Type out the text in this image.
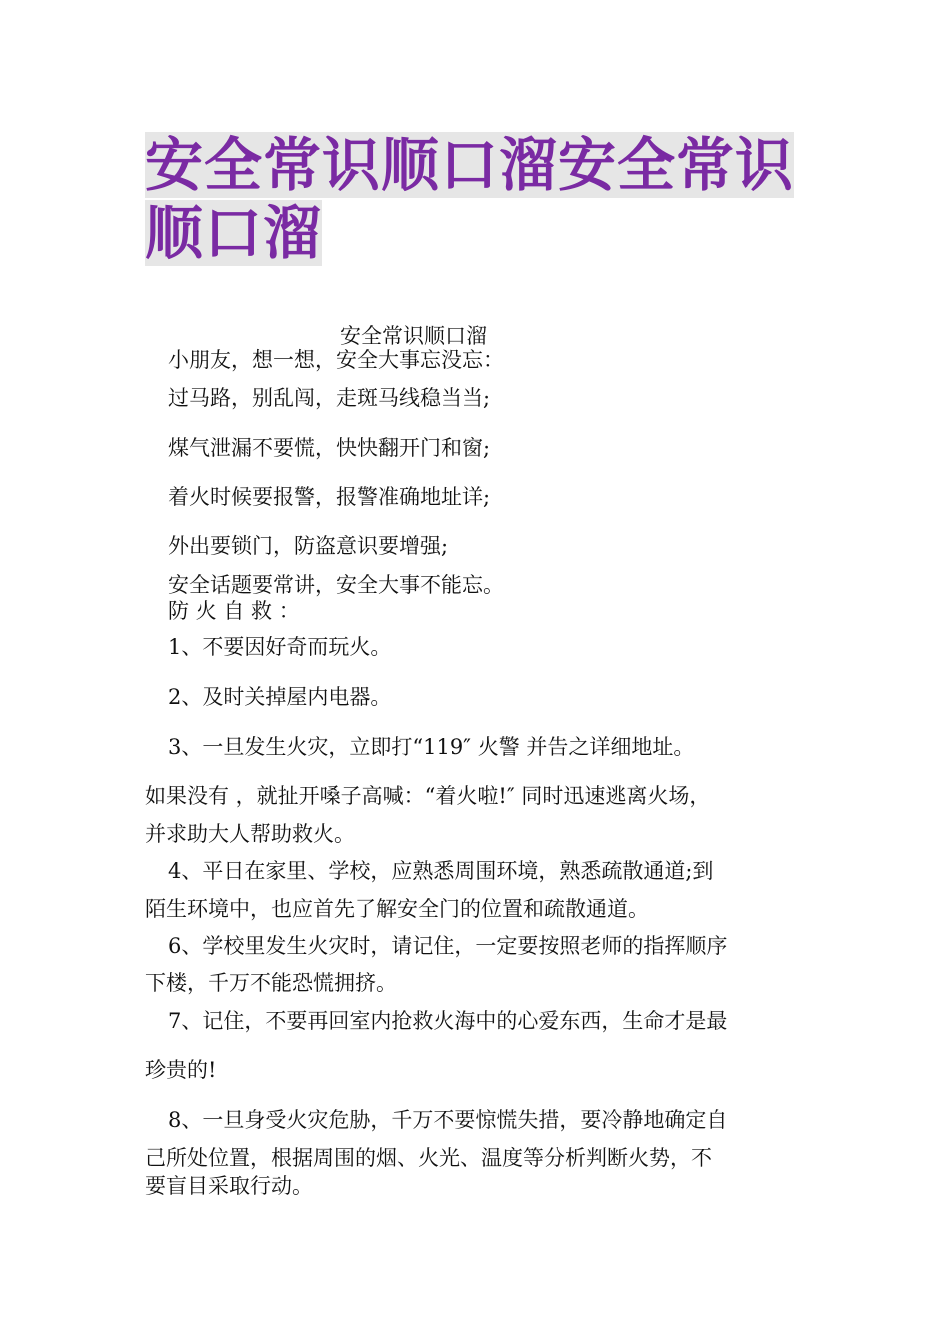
安全常识顺口溜安全常识
顺口溜
安全常识顺口溜
小朋友，想一想，安全大事忘没忘：
过马路，别乱闯，走斑马线稳当当;
煤气泄漏不要慌，快快翻开门和窗;
着火时候要报警，报警准确地址详;
外出要锁门，防盗意识要增强;
安全话题要常讲，安全大事不能忘。
防 火 自 救 ：
1、不要因好奇而玩火。
2、及时关掉屋内电器。
3、一旦发生火灾，立即打“119″ 火警 并告之详细地址。
如果没有 ，就扯开嗓子高喊：“着火啦!″ 同时迅速逃离火场，
并求助大人帮助救火。
4、平日在家里、学校，应熟悉周围环境，熟悉疏散通道;到
陌生环境中，也应首先了解安全门的位置和疏散通道。
6、学校里发生火灾时，请记住，一定要按照老师的指挥顺序
下楼，千万不能恐慌拥挤。
7、记住，不要再回室内抢救火海中的心爱东西，生命才是最
珍贵的!
8、一旦身受火灾危胁，千万不要惊慌失措，要冷静地确定自
己所处位置，根据周围的烟、火光、温度等分析判断火势，不
要盲目采取行动。
